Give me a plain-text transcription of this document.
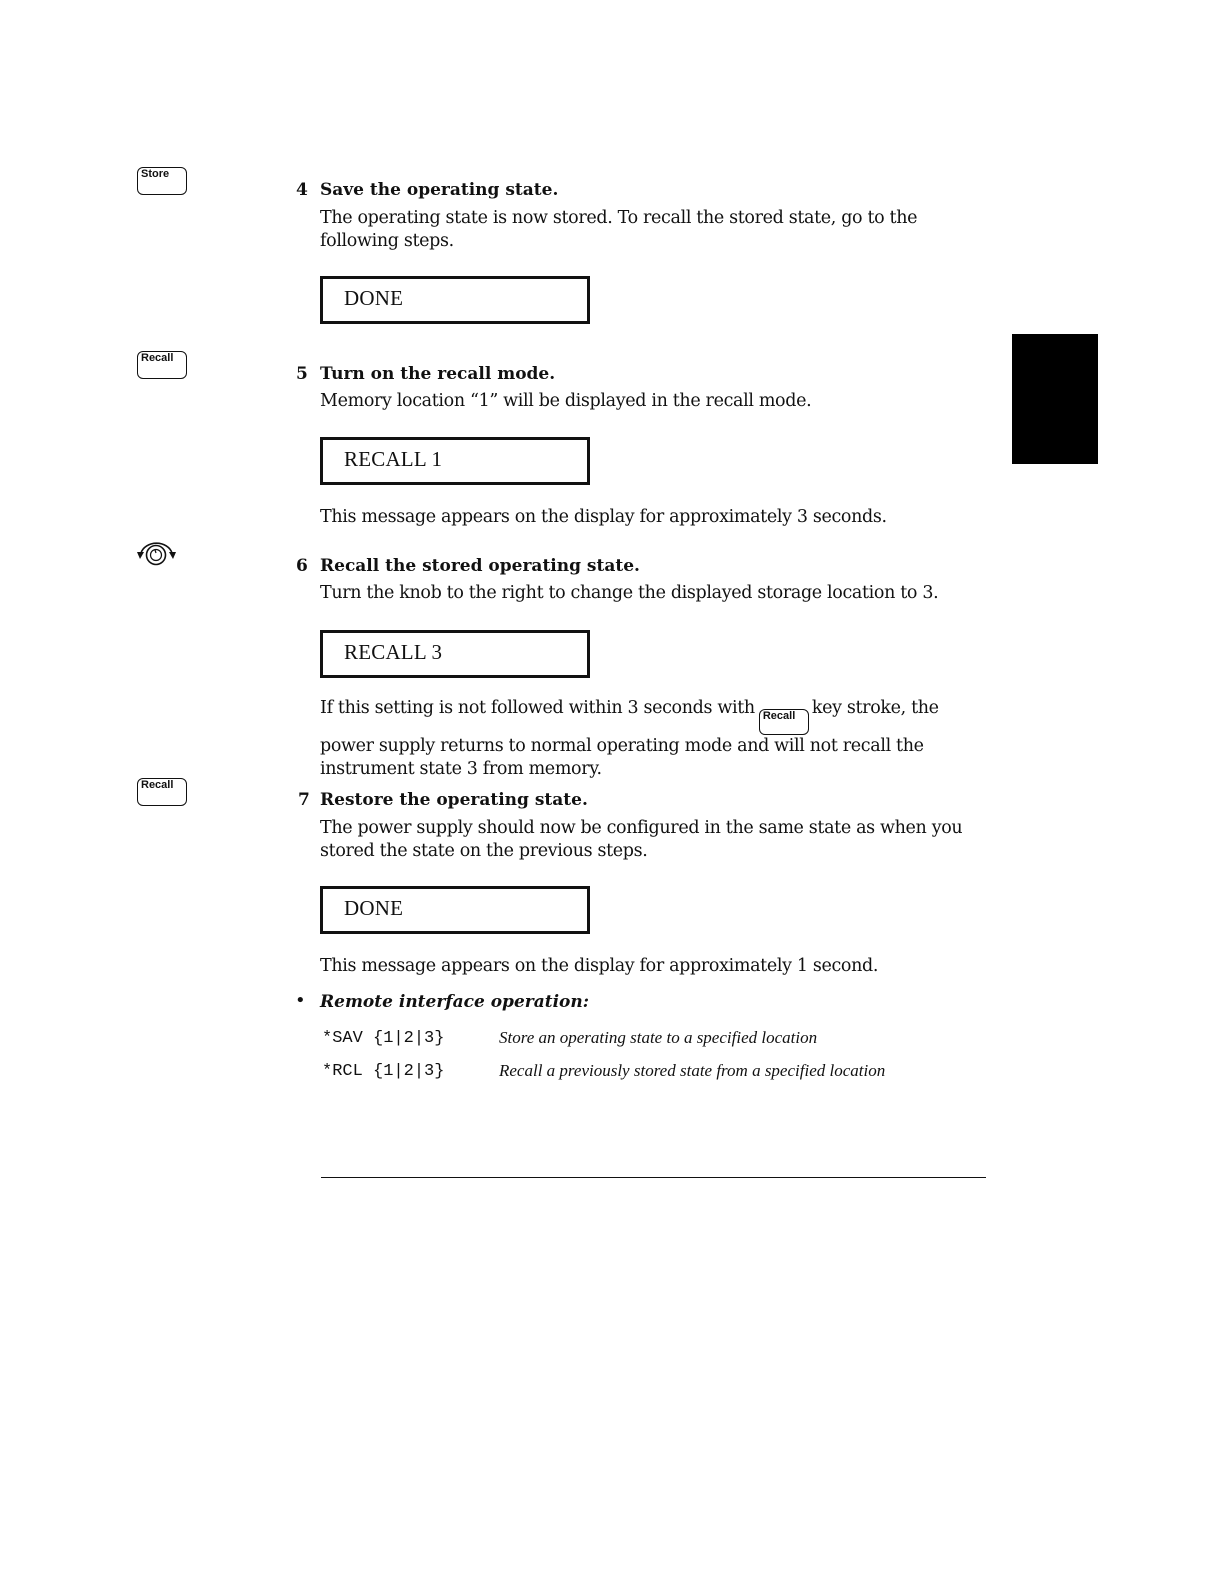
Store
Recall
Recall
4 Save the operating state.
The operating state is now stored. To recall the stored state, go to the following steps.
DONE
5 Turn on the recall mode.
Memory location “1” will be displayed in the recall mode.
RECALL 1
This message appears on the display for approximately 3 seconds.
6 Recall the stored operating state.
Turn the knob to the right to change the displayed storage location to 3.
RECALL 3
If this setting is not followed within 3 seconds with Recall key stroke, the power supply returns to normal operating mode and will not recall the instrument state 3 from memory.
7 Restore the operating state.
The power supply should now be configured in the same state as when you stored the state on the previous steps.
DONE
This message appears on the display for approximately 1 second.
• Remote interface operation:
*SAV {1|2|3}	Store an operating state to a specified location
*RCL {1|2|3}	Recall a previously stored state from a specified location
